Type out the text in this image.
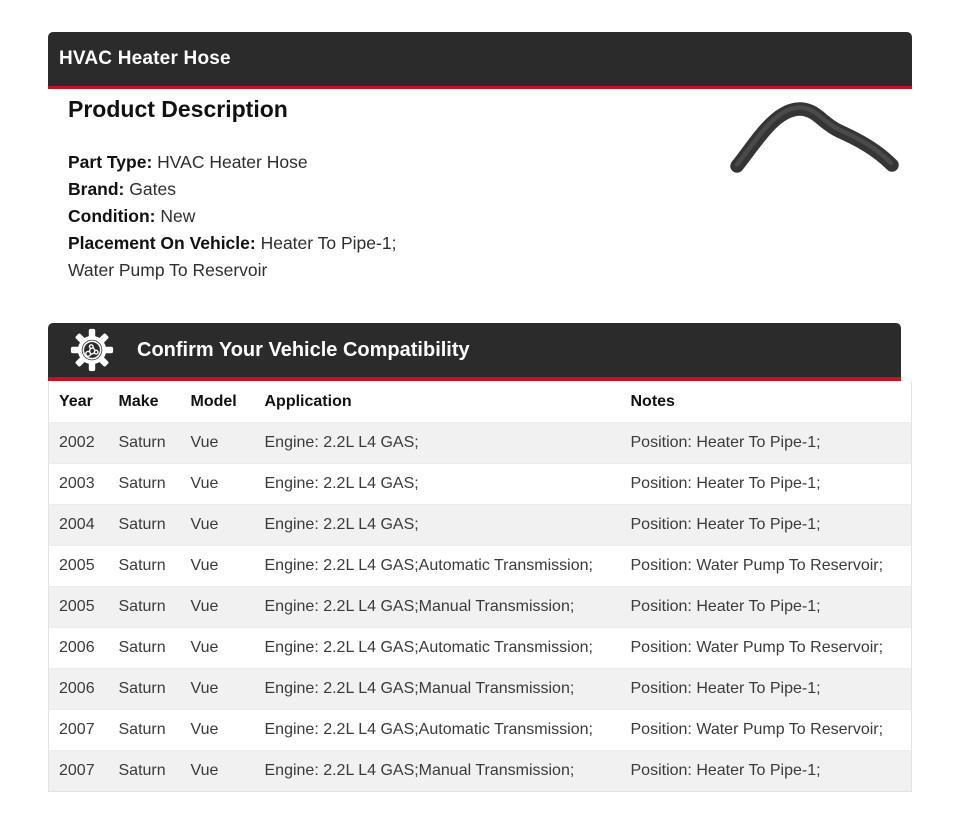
HVAC Heater Hose
Product Description
Part Type: HVAC Heater Hose
Brand: Gates
Condition: New
Placement On Vehicle: Heater To Pipe-1;
Water Pump To Reservoir
Confirm Your Vehicle Compatibility
Year	Make	Model	Application	Notes
2002	Saturn	Vue	Engine: 2.2L L4 GAS;	Position: Heater To Pipe-1;
2003	Saturn	Vue	Engine: 2.2L L4 GAS;	Position: Heater To Pipe-1;
2004	Saturn	Vue	Engine: 2.2L L4 GAS;	Position: Heater To Pipe-1;
2005	Saturn	Vue	Engine: 2.2L L4 GAS;Automatic Transmission;	Position: Water Pump To Reservoir;
2005	Saturn	Vue	Engine: 2.2L L4 GAS;Manual Transmission;	Position: Heater To Pipe-1;
2006	Saturn	Vue	Engine: 2.2L L4 GAS;Automatic Transmission;	Position: Water Pump To Reservoir;
2006	Saturn	Vue	Engine: 2.2L L4 GAS;Manual Transmission;	Position: Heater To Pipe-1;
2007	Saturn	Vue	Engine: 2.2L L4 GAS;Automatic Transmission;	Position: Water Pump To Reservoir;
2007	Saturn	Vue	Engine: 2.2L L4 GAS;Manual Transmission;	Position: Heater To Pipe-1;
